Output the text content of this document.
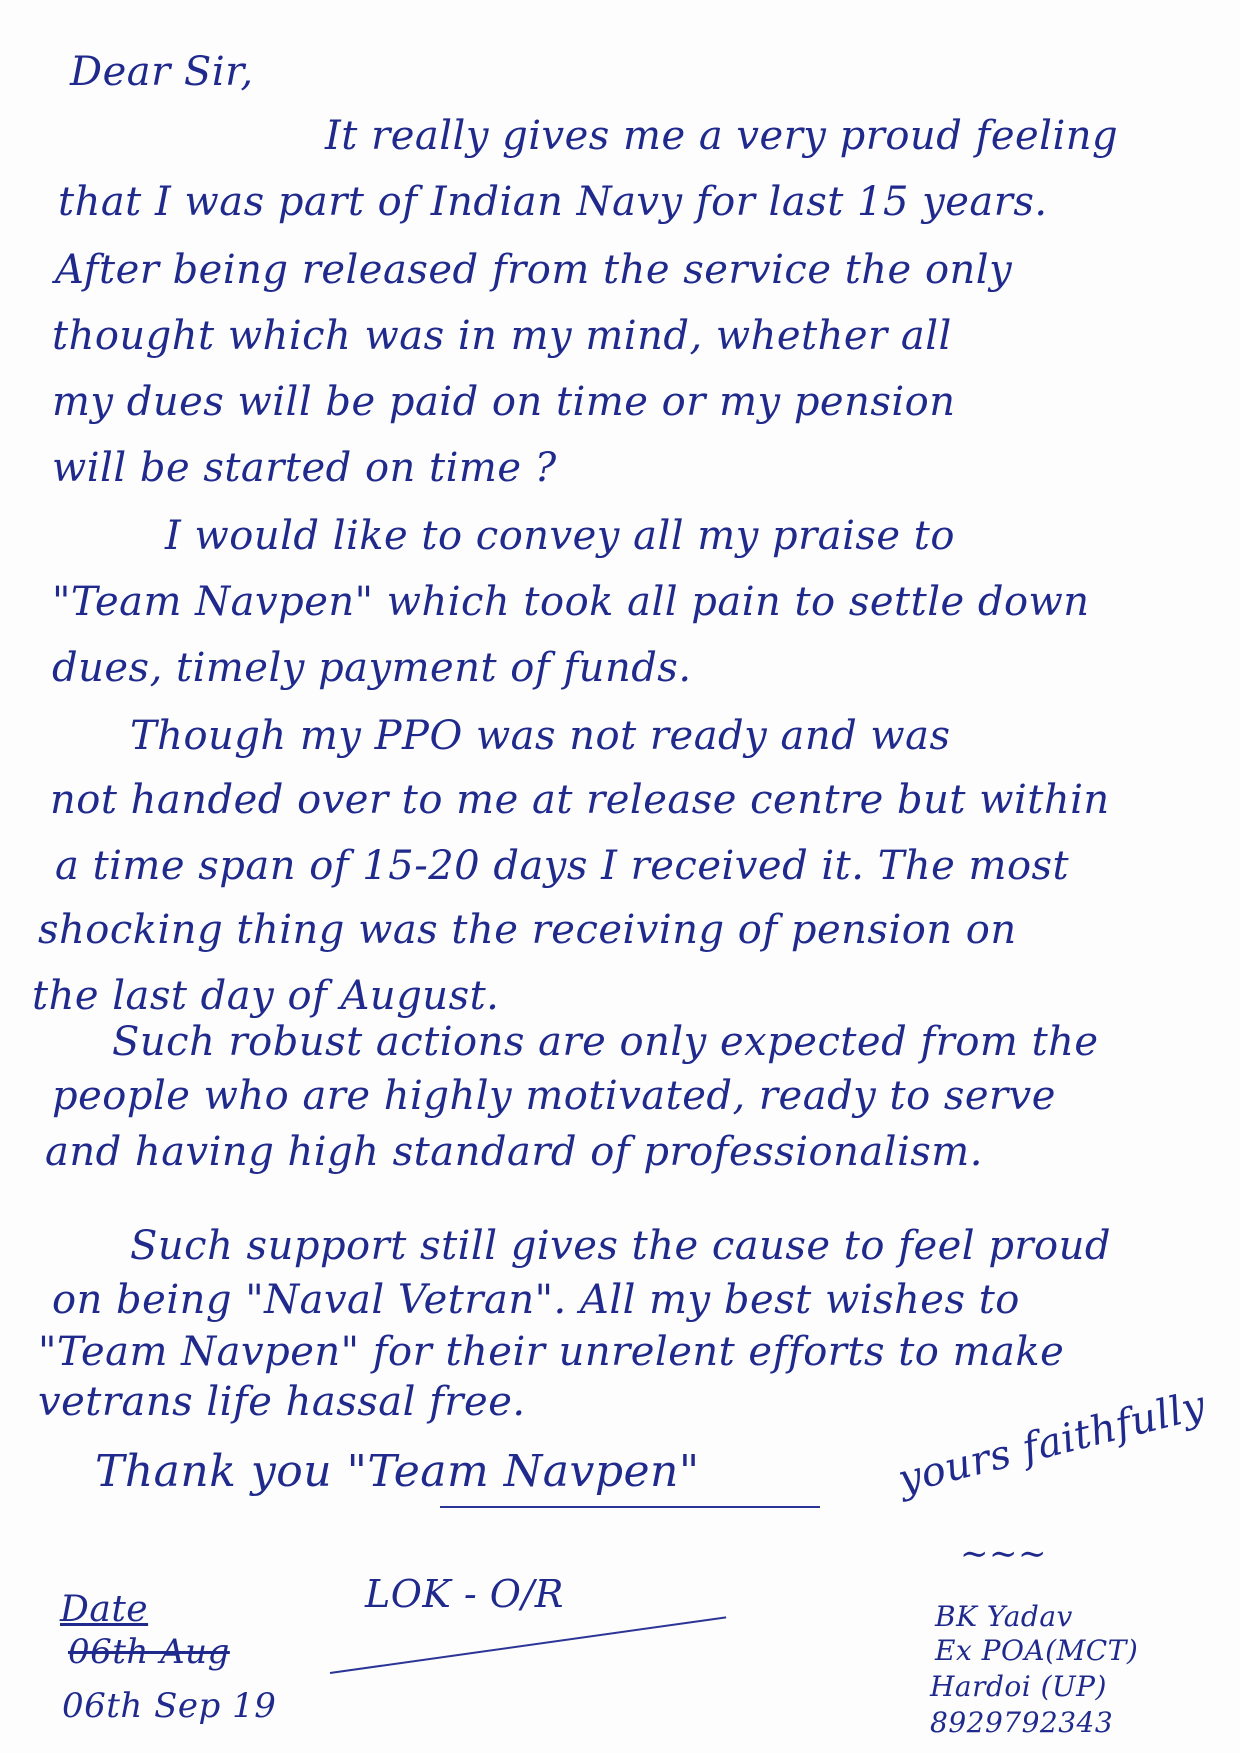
Dear Sir,
It really gives me a very proud feeling
that I was part of Indian Navy for last 15 years.
After being released from the service the only
thought which was in my mind, whether all
my dues will be paid on time or my pension
will be started on time ?
I would like to convey all my praise to
"Team Navpen" which took all pain to settle down
dues, timely payment of funds.
Though my PPO was not ready and was
not handed over to me at release centre but within
a time span of 15-20 days I received it. The most
shocking thing was the receiving of pension on
the last day of August.
Such robust actions are only expected from the
people who are highly motivated, ready to serve
and having high standard of professionalism.
Such support still gives the cause to feel proud
on being "Naval Vetran". All my best wishes to
"Team Navpen" for their unrelent efforts to make
vetrans life hassal free.
Thank you "Team Navpen"	yours faithfully
∼∼∼
Date
06th Aug
06th Sep 19
LOK - O/R
BK Yadav
Ex POA(MCT)
Hardoi (UP)
8929792343
